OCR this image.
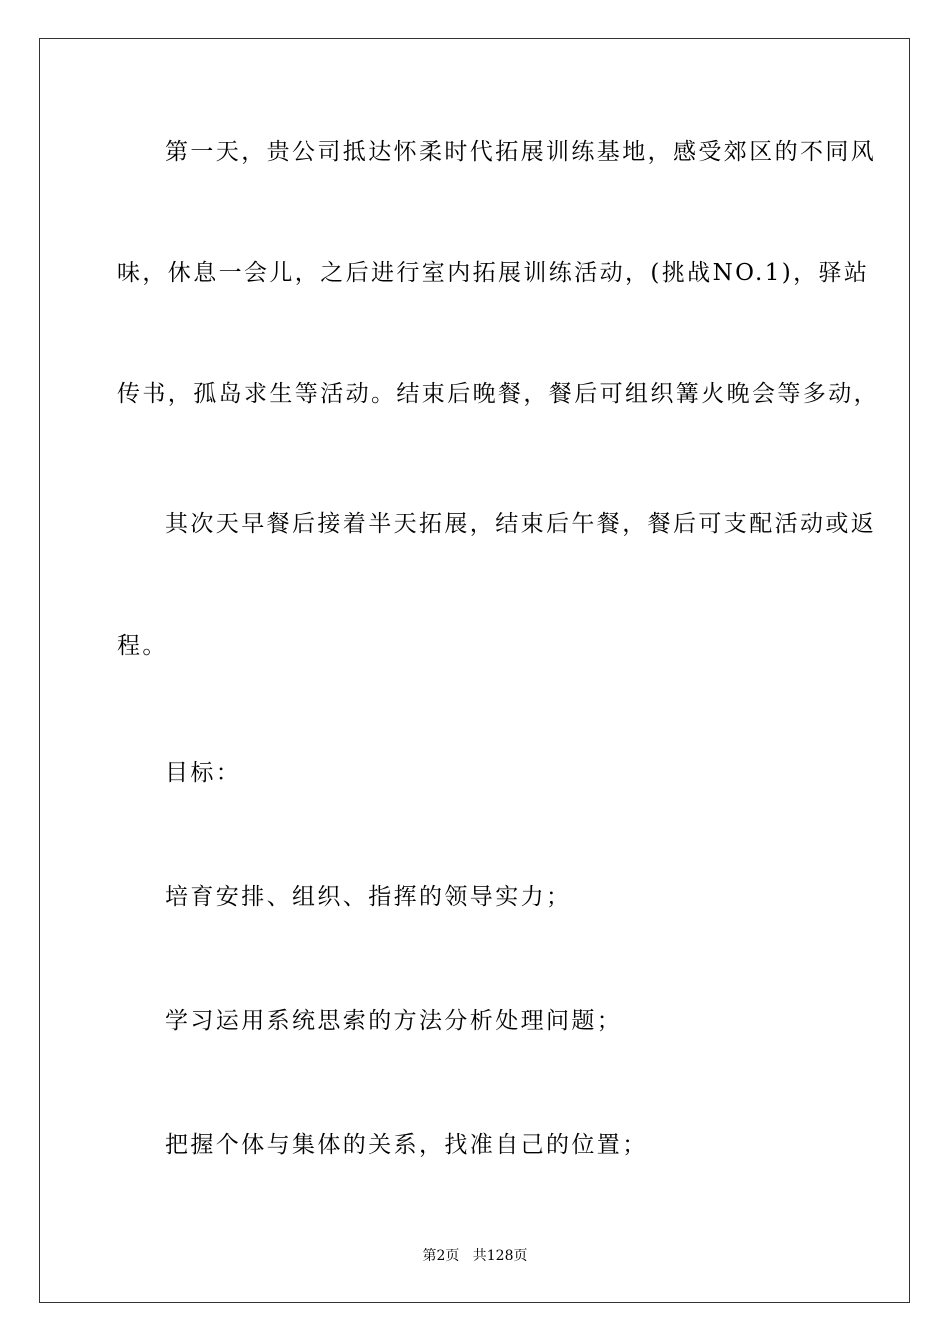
第一天，贵公司抵达怀柔时代拓展训练基地，感受郊区的不同风
味，休息一会儿，之后进行室内拓展训练活动，(挑战NO.1)，驿站
传书，孤岛求生等活动。结束后晚餐，餐后可组织篝火晚会等多动，
其次天早餐后接着半天拓展，结束后午餐，餐后可支配活动或返
程。
目标：
培育安排、组织、指挥的领导实力；
学习运用系统思索的方法分析处理问题；
把握个体与集体的关系，找准自己的位置；
第2页   共128页
